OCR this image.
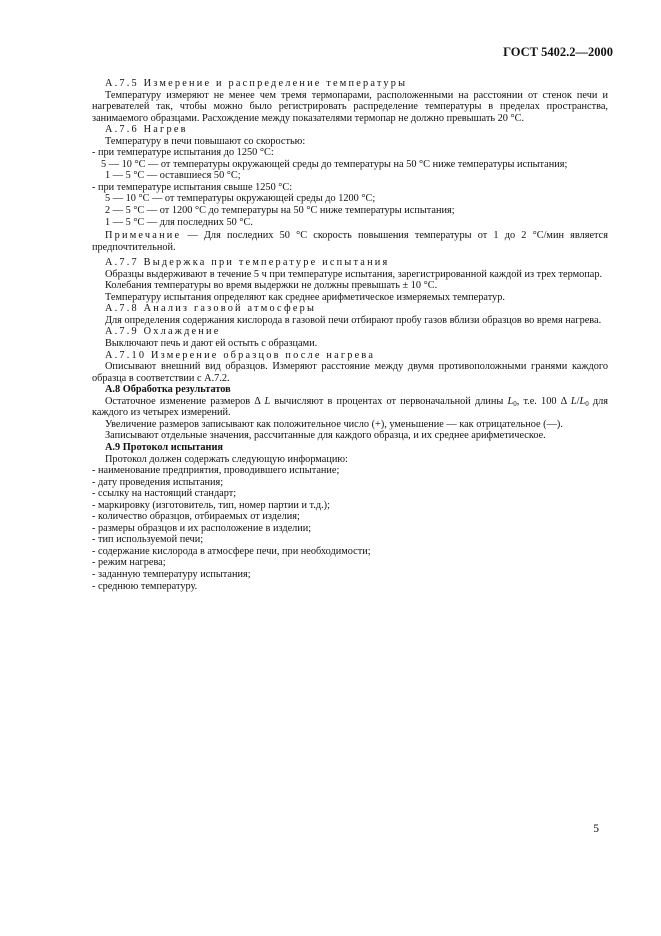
ГОСТ 5402.2—2000

А.7.5 Измерение и распределение температуры

Температуру измеряют не менее чем тремя термопарами, расположенными на расстоянии от стенок печи и нагревателей так, чтобы можно было регистрировать распределение температуры в пределах пространства, занимаемого образцами. Расхождение между показателями термопар не должно превышать 20 °С.

А.7.6 Нагрев

Температуру в печи повышают со скоростью:

- при температуре испытания до 1250 °С:

5 — 10 °С — от температуры окружающей среды до температуры на 50 °С ниже температуры испытания;

1 — 5 °С — оставшиеся 50 °С;

- при температуре испытания свыше 1250 °С:

5 — 10 °С — от температуры окружающей среды до 1200 °С;

2 — 5 °С — от 1200 °С до температуры на 50 °С ниже температуры испытания;

1 — 5 °С — для последних 50 °С.

Примечание — Для последних 50 °С скорость повышения температуры от 1 до 2 °С/мин является предпочтительной.

А.7.7 Выдержка при температуре испытания

Образцы выдерживают в течение 5 ч при температуре испытания, зарегистрированной каждой из трех термопар.

Колебания температуры во время выдержки не должны превышать ± 10 °С.

Температуру испытания определяют как среднее арифметическое измеряемых температур.

А.7.8 Анализ газовой атмосферы

Для определения содержания кислорода в газовой печи отбирают пробу газов вблизи образцов во время нагрева.

А.7.9 Охлаждение

Выключают печь и дают ей остыть с образцами.

А.7.10 Измерение образцов после нагрева

Описывают внешний вид образцов. Измеряют расстояние между двумя противоположными гранями каждого образца в соответствии с А.7.2.

А.8 Обработка результатов

Остаточное изменение размеров Δ L вычисляют в процентах от первоначальной длины $L_0$, т.е. 100 Δ $L/L_0$ для каждого из четырех измерений.

Увеличение размеров записывают как положительное число (+), уменьшение — как отрицательное (—).

Записывают отдельные значения, рассчитанные для каждого образца, и их среднее арифметическое.

А.9 Протокол испытания

Протокол должен содержать следующую информацию:

- наименование предприятия, проводившего испытание;

- дату проведения испытания;

- ссылку на настоящий стандарт;

- маркировку (изготовитель, тип, номер партии и т.д.);

- количество образцов, отбираемых от изделия;

- размеры образцов и их расположение в изделии;

- тип используемой печи;

- содержание кислорода в атмосфере печи, при необходимости;

- режим нагрева;

- заданную температуру испытания;

- среднюю температуру.

5
